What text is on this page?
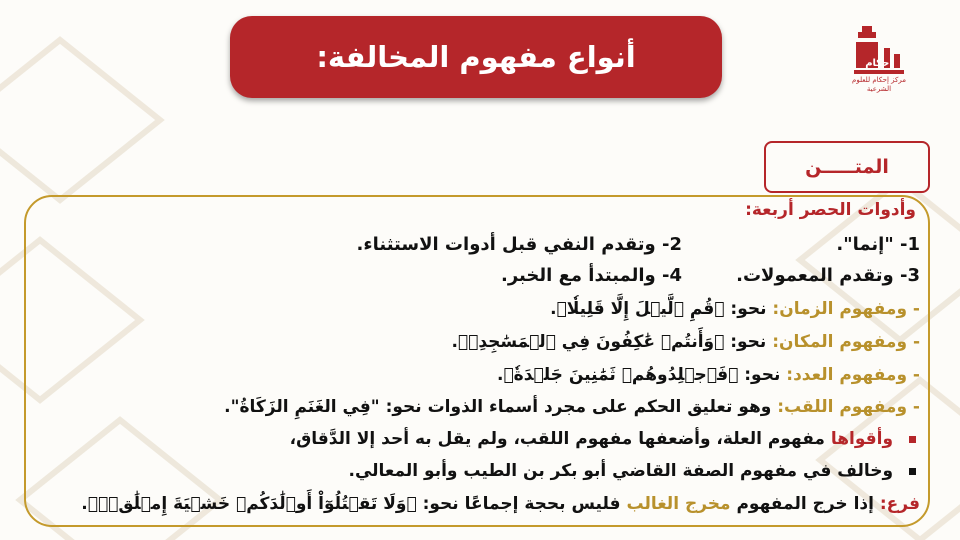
أنواع مفهوم المخالفة:	إحكام
مركز إحكام للعلوم الشرعية
المتـــــن
وأدوات الحصر أربعة:
1- "إنما".
2- وتقدم النفي قبل أدوات الاستثناء.
3- وتقدم المعمولات.
4- والمبتدأ مع الخبر.
- ومفهوم الزمان: نحو: ﴿قُمِ ٱلَّيۡلَ إِلَّا قَلِيلٗا﴾.
- ومفهوم المكان: نحو: ﴿وَأَنتُمۡ عَٰكِفُونَ فِي ٱلۡمَسَٰجِدِۗ﴾.
- ومفهوم العدد: نحو: ﴿فَٱجۡلِدُوهُمۡ ثَمَٰنِينَ جَلۡدَةٗ﴾.
- ومفهوم اللقب: وهو تعليق الحكم على مجرد أسماء الذوات نحو: "فِي الغَنَمِ الزَكَاةُ".
وأقواها مفهوم العلة، وأضعفها مفهوم اللقب، ولم يقل به أحد إلا الدَّقاق،
وخالف في مفهوم الصفة القاضي أبو بكر بن الطيب وأبو المعالي.
فرع: إذا خرج المفهوم مخرج الغالب فليس بحجة إجماعًا نحو: ﴿وَلَا تَقۡتُلُوٓاْ أَوۡلَٰدَكُمۡ خَشۡيَةَ إِمۡلَٰقٖۖ﴾.
